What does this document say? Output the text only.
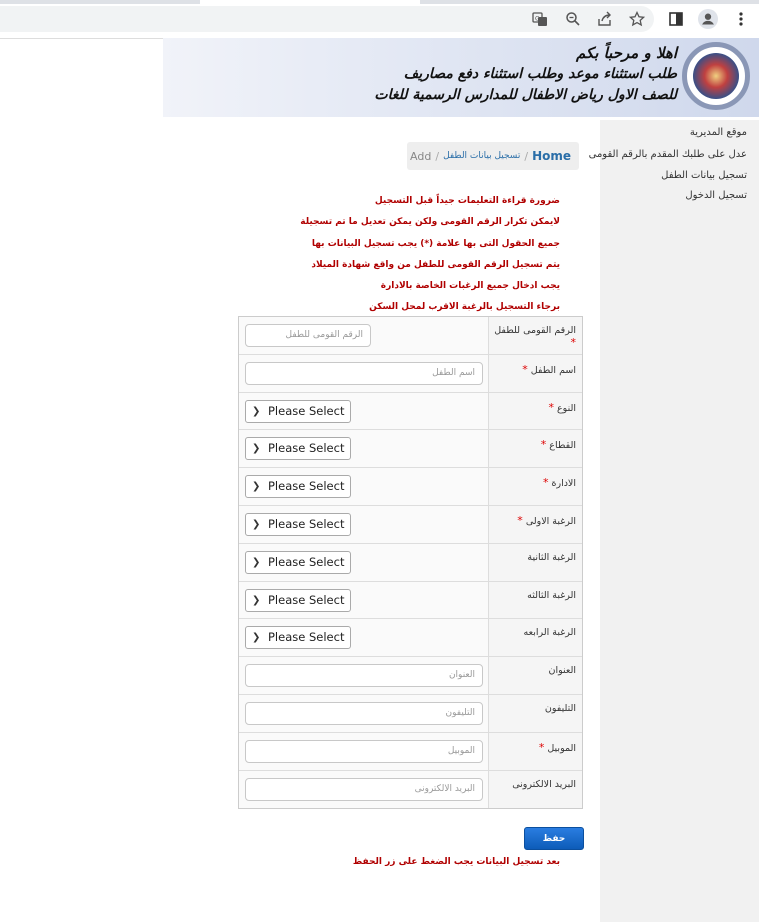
G
اهلا و مرحباً بكم
طلب استثناء موعد وطلب استثناء دفع مصاريف
للصف الاول رياض الاطفال للمدارس الرسمية للغات
موقع المديرية
عدل على طلبك المقدم بالرقم القومى
تسجيل بيانات الطفل
تسجيل الدخول
Add / تسجيل بيانات الطفل / Home
ضرورة قراءة التعليمات جيداً قبل التسجيل
لايمكن تكرار الرقم القومى ولكن يمكن تعديل ما تم تسجيلة
جميع الحقول التى بها علامة (*) يجب تسجيل البيانات بها
يتم تسجيل الرقم القومى للطفل من واقع شهادة الميلاد
يجب ادخال جميع الرغبات الخاصة بالادارة
برجاء التسجيل بالرغبة الاقرب لمحل السكن
الرقم القومى للطفل	الرقم القومى للطفل *
اسم الطفل	اسم الطفل *
❯ Please Select	النوع *
❯ Please Select	القطاع *
❯ Please Select	الادارة *
❯ Please Select	الرغبة الاولى *
❯ Please Select	الرغبة الثانية
❯ Please Select	الرغبة الثالثه
❯ Please Select	الرغبة الرابعه
العنوان	العنوان
التليفون	التليفون
الموبيل	الموبيل *
البريد الالكترونى	البريد الالكترونى
حفظ
بعد تسجيل البيانات يجب الضغط على زر الحفظ
